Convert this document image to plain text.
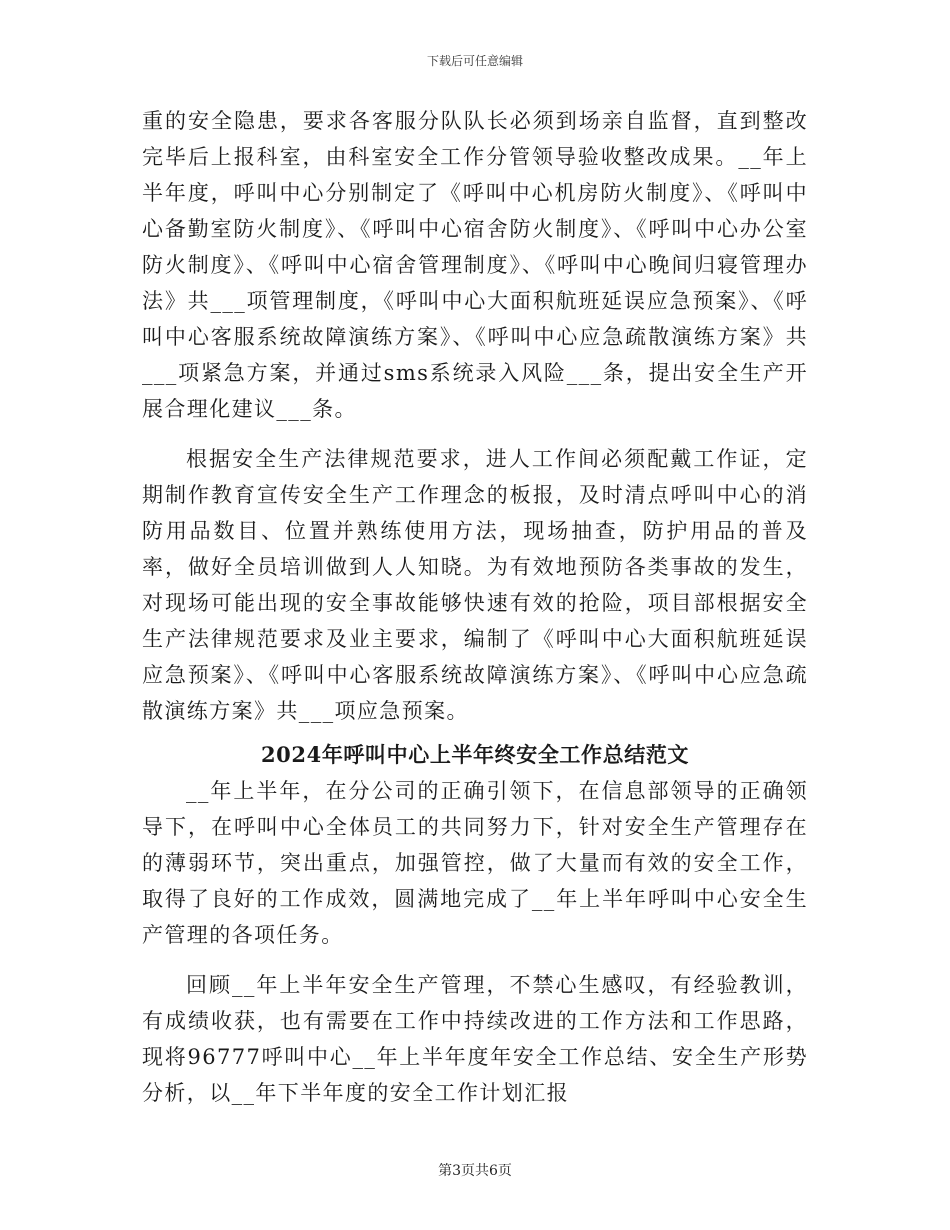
下载后可任意编辑

重的安全隐患，要求各客服分队队长必须到场亲自监督，直到整改完毕后上报科室，由科室安全工作分管领导验收整改成果。__年上半年度，呼叫中心分别制定了《呼叫中心机房防火制度》、《呼叫中心备勤室防火制度》、《呼叫中心宿舍防火制度》、《呼叫中心办公室防火制度》、《呼叫中心宿舍管理制度》、《呼叫中心晚间归寝管理办法》共___项管理制度，《呼叫中心大面积航班延误应急预案》、《呼叫中心客服系统故障演练方案》、《呼叫中心应急疏散演练方案》共___项紧急方案，并通过sms系统录入风险___条，提出安全生产开展合理化建议___条。

根据安全生产法律规范要求，进人工作间必须配戴工作证，定期制作教育宣传安全生产工作理念的板报，及时清点呼叫中心的消防用品数目、位置并熟练使用方法，现场抽查，防护用品的普及率，做好全员培训做到人人知晓。为有效地预防各类事故的发生，对现场可能出现的安全事故能够快速有效的抢险，项目部根据安全生产法律规范要求及业主要求，编制了《呼叫中心大面积航班延误应急预案》、《呼叫中心客服系统故障演练方案》、《呼叫中心应急疏散演练方案》共___项应急预案。

2024年呼叫中心上半年终安全工作总结范文

__年上半年，在分公司的正确引领下，在信息部领导的正确领导下，在呼叫中心全体员工的共同努力下，针对安全生产管理存在的薄弱环节，突出重点，加强管控，做了大量而有效的安全工作，取得了良好的工作成效，圆满地完成了__年上半年呼叫中心安全生产管理的各项任务。

回顾__年上半年安全生产管理，不禁心生感叹，有经验教训，有成绩收获，也有需要在工作中持续改进的工作方法和工作思路，现将96777呼叫中心__年上半年度年安全工作总结、安全生产形势分析，以__年下半年度的安全工作计划汇报

第3页共6页
